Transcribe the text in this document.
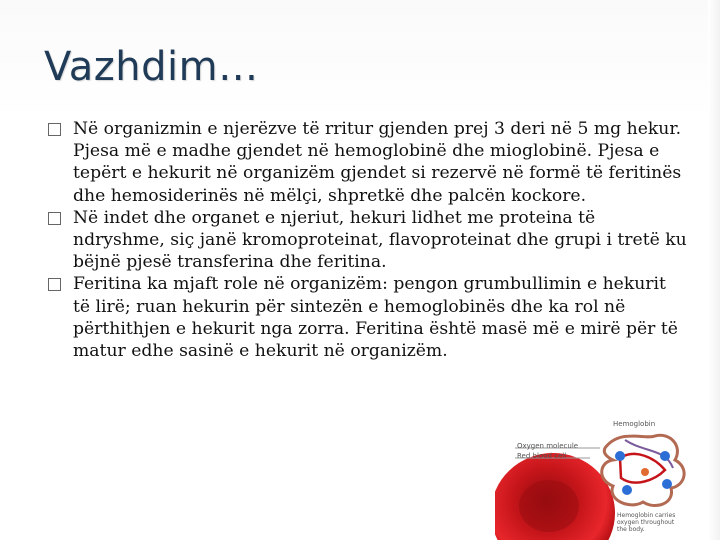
Vazhdim…

Në organizmin e njerëzve të rritur gjenden prej 3 deri në 5 mg hekur. Pjesa më e madhe gjendet në hemoglobinë dhe mioglobinë. Pjesa e tepërt e hekurit në organizëm gjendet si rezervë në formë të feritinës dhe hemosiderinës në mëlçi, shpretkë dhe palcën kockore.

Në indet dhe organet e njeriut, hekuri lidhet me proteina të ndryshme, siç janë kromoproteinat, flavoproteinat dhe grupi i tretë ku bëjnë pjesë transferina dhe feritina.

Feritina ka mjaft role në organizëm: pengon grumbullimin e hekurit të lirë; ruan hekurin për sintezën e hemoglobinës dhe ka rol në përthithjen e hekurit nga zorra. Feritina është masë më e mirë për të matur edhe sasinë e hekurit në organizëm.

Hemoglobin
Oxygen molecule
Red blood cell
Hemoglobin carries
oxygen throughout
the body.
